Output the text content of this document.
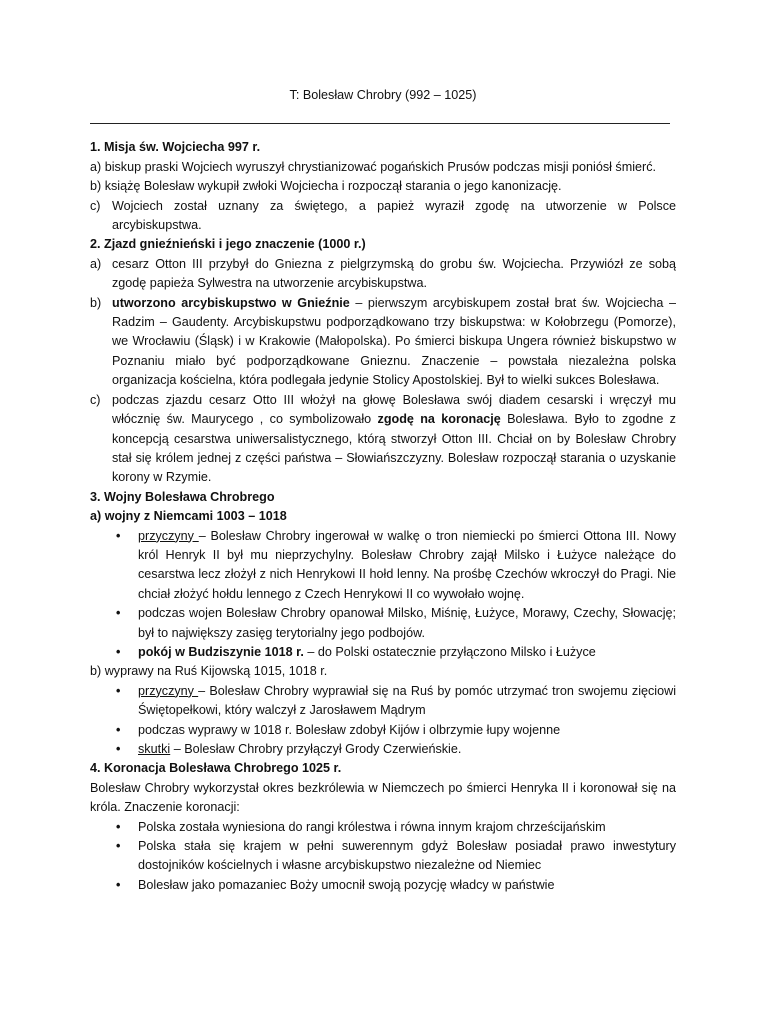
T: Bolesław Chrobry (992 – 1025)
1. Misja św. Wojciecha 997 r.
a) biskup praski Wojciech wyruszył chrystianizować pogańskich Prusów podczas misji poniósł śmierć.
b) książę Bolesław wykupił zwłoki Wojciecha i rozpoczął starania o jego kanonizację.
c) Wojciech został uznany za świętego, a papież wyraził zgodę na utworzenie w Polsce arcybiskupstwa.
2. Zjazd gnieźnieński i jego znaczenie (1000 r.)
a) cesarz Otton III przybył do Gniezna z pielgrzymską do grobu św. Wojciecha. Przywiózł ze sobą zgodę papieża Sylwestra na utworzenie arcybiskupstwa.
b) utworzono arcybiskupstwo w Gnieźnie – pierwszym arcybiskupem został brat św. Wojciecha – Radzim – Gaudenty. Arcybiskupstwu podporządkowano trzy biskupstwa: w Kołobrzegu (Pomorze), we Wrocławiu (Śląsk) i w Krakowie (Małopolska). Po śmierci biskupa Ungera również biskupstwo w Poznaniu miało być podporządkowane Gnieznu. Znaczenie – powstała niezależna polska organizacja kościelna, która podlegała jedynie Stolicy Apostolskiej. Był to wielki sukces Bolesława.
c) podczas zjazdu cesarz Otto III włożył na głowę Bolesława swój diadem cesarski i wręczył mu włócznię św. Maurycego , co symbolizowało zgodę na koronację Bolesława. Było to zgodne z koncepcją cesarstwa uniwersalistycznego, którą stworzył Otton III. Chciał on by Bolesław Chrobry stał się królem jednej z części państwa – Słowiańszczyzny. Bolesław rozpoczął starania o uzyskanie korony w Rzymie.
3. Wojny Bolesława Chrobrego
a) wojny z Niemcami 1003 – 1018
• przyczyny – Bolesław Chrobry ingerował w walkę o tron niemiecki po śmierci Ottona III. Nowy król Henryk II był mu nieprzychylny. Bolesław Chrobry zajął Milsko i Łużyce należące do cesarstwa lecz złożył z nich Henrykowi II hołd lenny. Na prośbę Czechów wkroczył do Pragi. Nie chciał złożyć hołdu lennego z Czech Henrykowi II co wywołało wojnę.
• podczas wojen Bolesław Chrobry opanował Milsko, Miśnię, Łużyce, Morawy, Czechy, Słowację; był to największy zasięg terytorialny jego podbojów.
• pokój w Budziszynie 1018 r. – do Polski ostatecznie przyłączono Milsko i Łużyce
b) wyprawy na Ruś Kijowską 1015, 1018 r.
• przyczyny – Bolesław Chrobry wyprawiał się na Ruś by pomóc utrzymać tron swojemu zięciowi Świętopełkowi, który walczył z Jarosławem Mądrym
• podczas wyprawy w 1018 r. Bolesław zdobył Kijów i olbrzymie łupy wojenne
• skutki – Bolesław Chrobry przyłączył Grody Czerwieńskie.
4. Koronacja Bolesława Chrobrego 1025 r.
Bolesław Chrobry wykorzystał okres bezkrólewia w Niemczech po śmierci Henryka II i koronował się na króla. Znaczenie koronacji:
• Polska została wyniesiona do rangi królestwa i równa innym krajom chrześcijańskim
• Polska stała się krajem w pełni suwerennym gdyż Bolesław posiadał prawo inwestytury dostojników kościelnych i własne arcybiskupstwo niezależne od Niemiec
• Bolesław jako pomazaniec Boży umocnił swoją pozycję władcy w państwie
